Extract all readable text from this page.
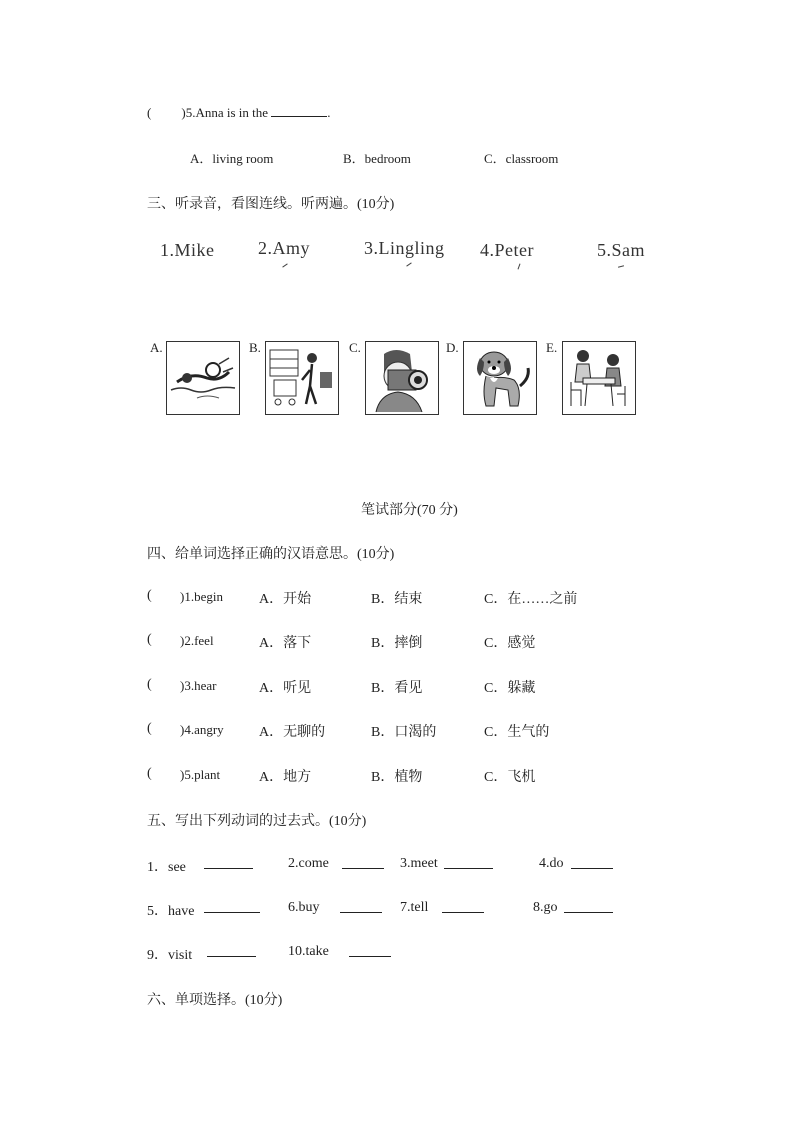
( )5.Anna is in the	.
A．living room	B．bedroom	C．classroom
三、听录音，看图连线。听两遍。(10分)
1.Mike 2.Amy	3.Lingling 4.Peter	5.Sam
A.	B.	C.	D.	E.
笔试部分(70 分)
四、给单词选择正确的汉语意思。(10分)
( )1.begin	A．开始	B．结束	C．在……之前
( )2.feel	A．落下	B．摔倒	C．感觉
( )3.hear	A．听见	B．看见	C．躲藏
( )4.angry	A．无聊的	B．口渴的	C．生气的
( )5.plant	A．地方	B．植物	C．飞机
五、写出下列动词的过去式。(10分)
1．see	2.come	3.meet	4.do
5．have	6.buy	7.tell	8.go
9．visit	10.take
六、单项选择。(10分)
